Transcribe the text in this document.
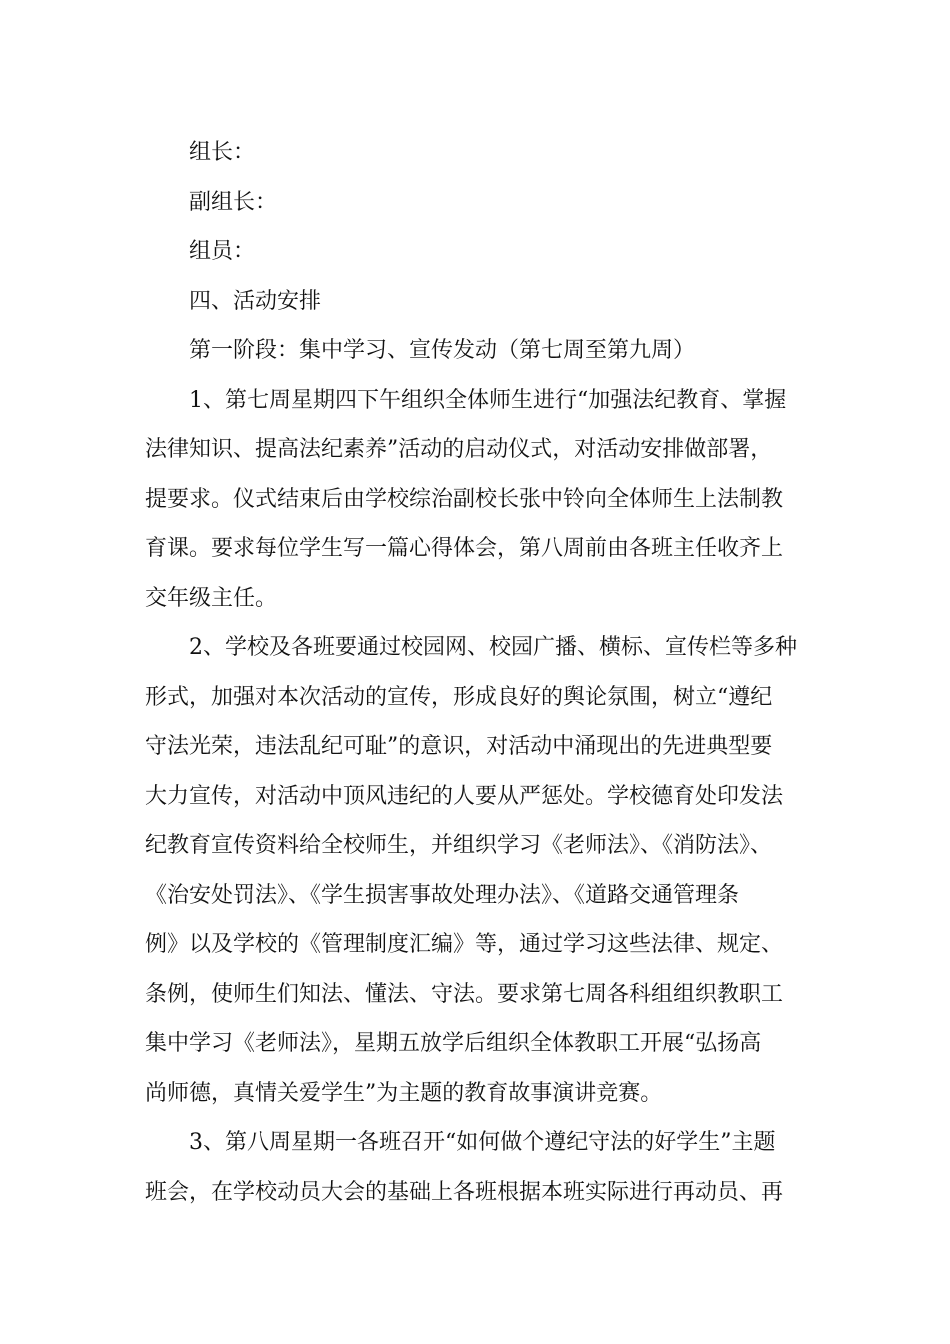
组长：

副组长：

组员：

四、活动安排

第一阶段：集中学习、宣传发动（第七周至第九周）

1、第七周星期四下午组织全体师生进行“加强法纪教育、掌握
法律知识、提高法纪素养”活动的启动仪式，对活动安排做部署，
提要求。仪式结束后由学校综治副校长张中铃向全体师生上法制教
育课。要求每位学生写一篇心得体会，第八周前由各班主任收齐上
交年级主任。

2、学校及各班要通过校园网、校园广播、横标、宣传栏等多种
形式，加强对本次活动的宣传，形成良好的舆论氛围，树立“遵纪
守法光荣，违法乱纪可耻”的意识，对活动中涌现出的先进典型要
大力宣传，对活动中顶风违纪的人要从严惩处。学校德育处印发法
纪教育宣传资料给全校师生，并组织学习《老师法》、《消防法》、
《治安处罚法》、《学生损害事故处理办法》、《道路交通管理条
例》以及学校的《管理制度汇编》等，通过学习这些法律、规定、
条例，使师生们知法、懂法、守法。要求第七周各科组组织教职工
集中学习《老师法》，星期五放学后组织全体教职工开展“弘扬高
尚师德，真情关爱学生”为主题的教育故事演讲竞赛。

3、第八周星期一各班召开“如何做个遵纪守法的好学生”主题
班会，在学校动员大会的基础上各班根据本班实际进行再动员、再
